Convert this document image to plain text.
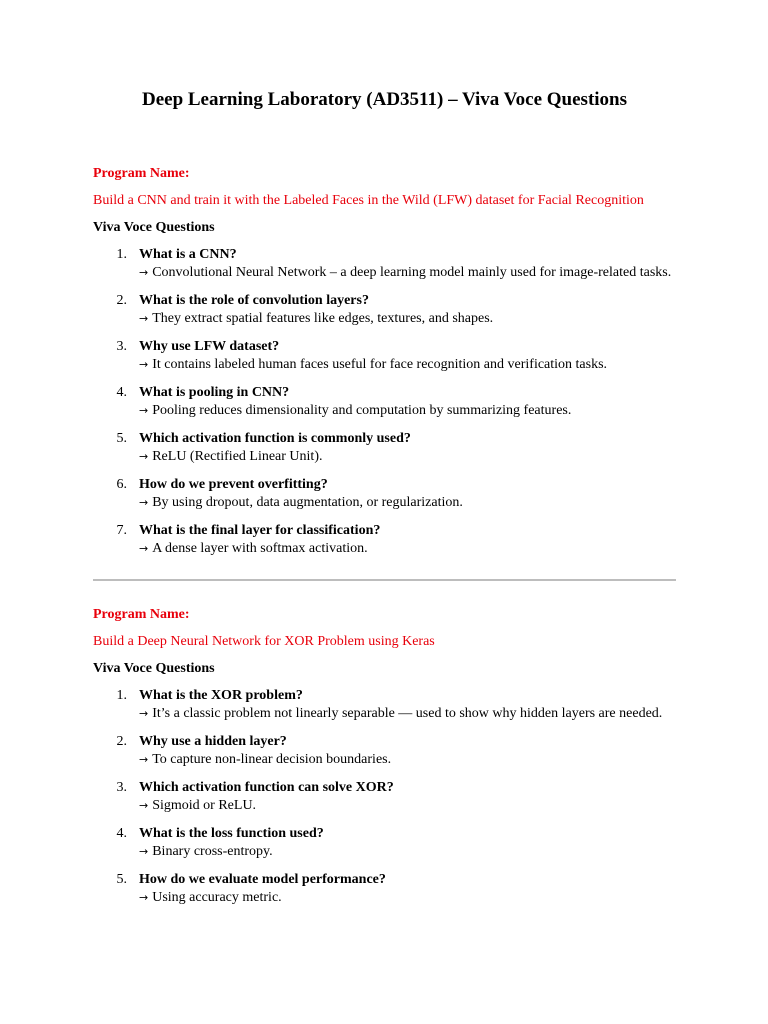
Deep Learning Laboratory (AD3511) – Viva Voce Questions

Program Name:

Build a CNN and train it with the Labeled Faces in the Wild (LFW) dataset for Facial Recognition

Viva Voce Questions

1. What is a CNN?
→ Convolutional Neural Network – a deep learning model mainly used for image-related tasks.
2. What is the role of convolution layers?
→ They extract spatial features like edges, textures, and shapes.
3. Why use LFW dataset?
→ It contains labeled human faces useful for face recognition and verification tasks.
4. What is pooling in CNN?
→ Pooling reduces dimensionality and computation by summarizing features.
5. Which activation function is commonly used?
→ ReLU (Rectified Linear Unit).
6. How do we prevent overfitting?
→ By using dropout, data augmentation, or regularization.
7. What is the final layer for classification?
→ A dense layer with softmax activation.

Program Name:

Build a Deep Neural Network for XOR Problem using Keras

Viva Voce Questions

1. What is the XOR problem?
→ It’s a classic problem not linearly separable — used to show why hidden layers are needed.
2. Why use a hidden layer?
→ To capture non-linear decision boundaries.
3. Which activation function can solve XOR?
→ Sigmoid or ReLU.
4. What is the loss function used?
→ Binary cross-entropy.
5. How do we evaluate model performance?
→ Using accuracy metric.
